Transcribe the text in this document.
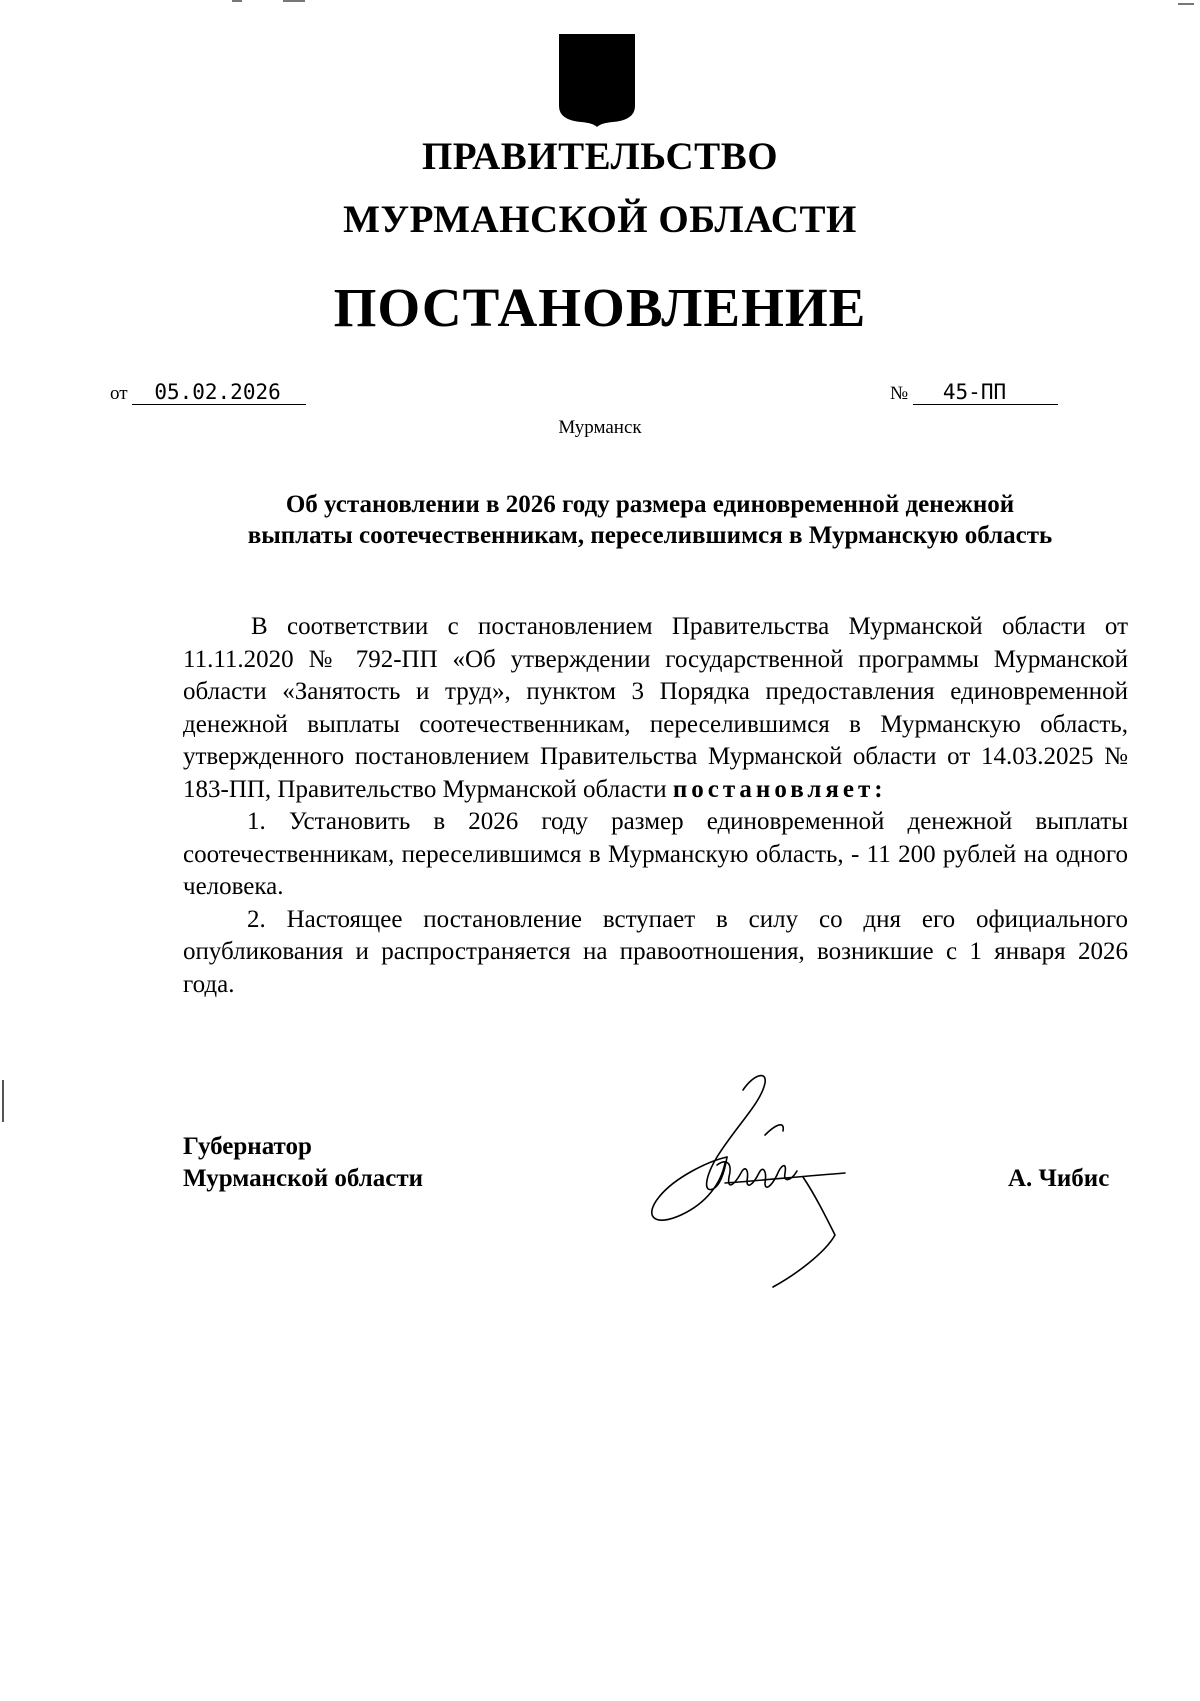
ПРАВИТЕЛЬСТВО
МУРМАНСКОЙ ОБЛАСТИ
ПОСТАНОВЛЕНИЕ
от 05.02.2026	№ 45-ПП
Мурманск
Об установлении в 2026 году размера единовременной денежной
выплаты соотечественникам, переселившимся в Мурманскую область

В соответствии с постановлением Правительства Мурманской области от 11.11.2020 № 792-ПП «Об утверждении государственной программы Мурманской области «Занятость и труд», пунктом 3 Порядка предоставления единовременной денежной выплаты соотечественникам, переселившимся в Мурманскую область, утвержденного постановлением Правительства Мурманской области от 14.03.2025 № 183-ПП, Правительство Мурманской области постановляет:

1. Установить в 2026 году размер единовременной денежной выплаты соотечественникам, переселившимся в Мурманскую область, - 11 200 рублей на одного человека.

2. Настоящее постановление вступает в силу со дня его официального опубликования и распространяется на правоотношения, возникшие с 1 января 2026 года.

Губернатор
Мурманской области	А. Чибис
